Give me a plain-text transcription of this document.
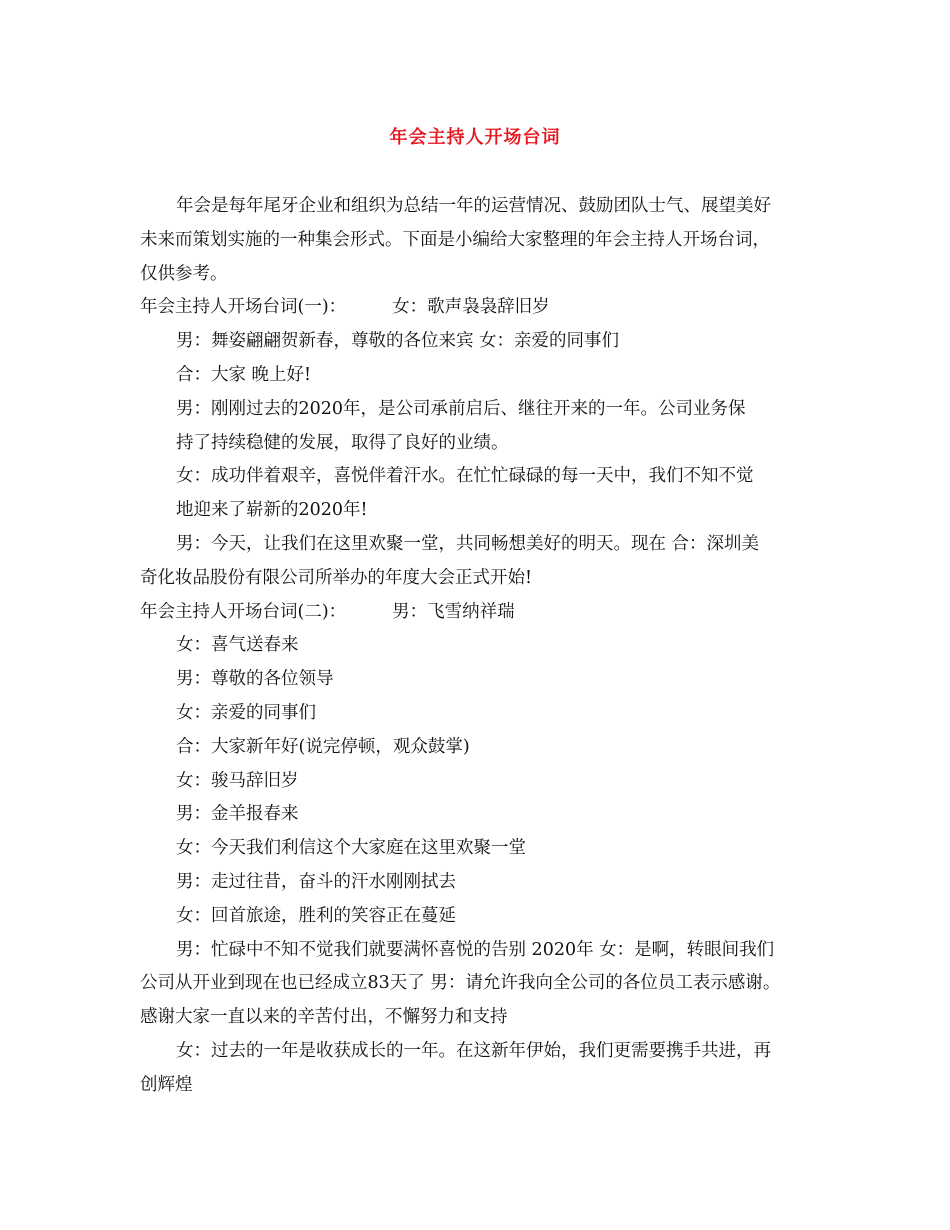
年会主持人开场台词
年会是每年尾牙企业和组织为总结一年的运营情况、鼓励团队士气、展望美好
未来而策划实施的一种集会形式。下面是小编给大家整理的年会主持人开场台词，
仅供参考。
年会主持人开场台词(一)：	女：歌声袅袅辞旧岁
男：舞姿翩翩贺新春，尊敬的各位来宾 女：亲爱的同事们
合：大家 晚上好!
男：刚刚过去的2020年，是公司承前启后、继往开来的一年。公司业务保
持了持续稳健的发展，取得了良好的业绩。
女：成功伴着艰辛，喜悦伴着汗水。在忙忙碌碌的每一天中，我们不知不觉
地迎来了崭新的2020年!
男：今天，让我们在这里欢聚一堂，共同畅想美好的明天。现在 合：深圳美
奇化妆品股份有限公司所举办的年度大会正式开始!
年会主持人开场台词(二)：	男：飞雪纳祥瑞
女：喜气送春来
男：尊敬的各位领导
女：亲爱的同事们
合：大家新年好(说完停顿，观众鼓掌)
女：骏马辞旧岁
男：金羊报春来
女：今天我们利信这个大家庭在这里欢聚一堂
男：走过往昔，奋斗的汗水刚刚拭去
女：回首旅途，胜利的笑容正在蔓延
男：忙碌中不知不觉我们就要满怀喜悦的告别 2020年 女：是啊，转眼间我们
公司从开业到现在也已经成立83天了 男：请允许我向全公司的各位员工表示感谢。
感谢大家一直以来的辛苦付出，不懈努力和支持
女：过去的一年是收获成长的一年。在这新年伊始，我们更需要携手共进，再
创辉煌
